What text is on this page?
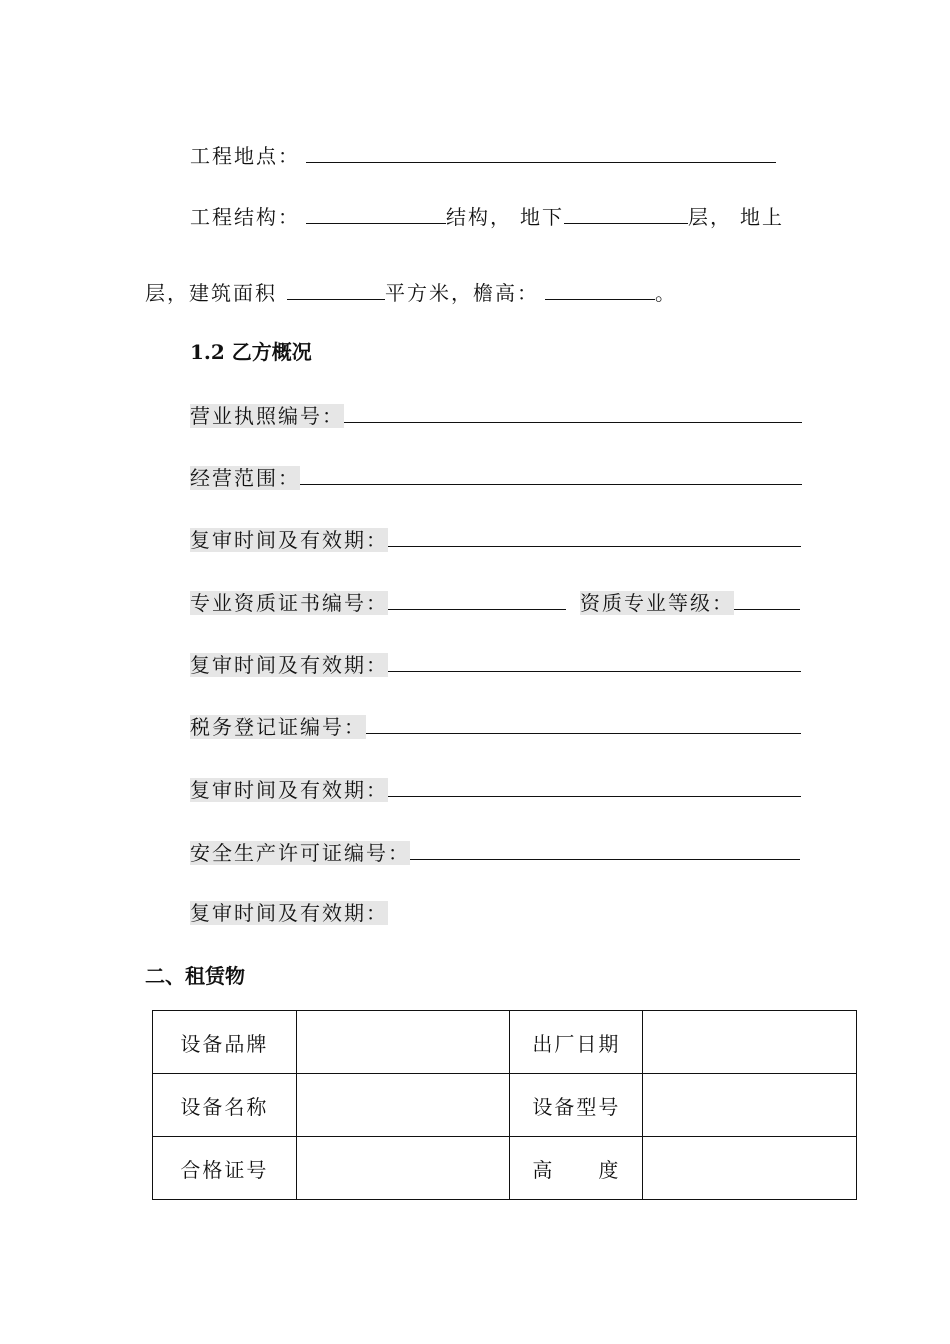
工程地点：
工程结构：	结构， 地下	层， 地上
层，建筑面积	平方米，檐高：	。
1.2 乙方概况
营业执照编号：
经营范围：
复审时间及有效期：
专业资质证书编号：	资质专业等级：
复审时间及有效期：
税务登记证编号：
复审时间及有效期：
安全生产许可证编号：
复审时间及有效期：
二、租赁物
设备品牌		出厂日期	
设备名称		设备型号	
合格证号		高　　度	
